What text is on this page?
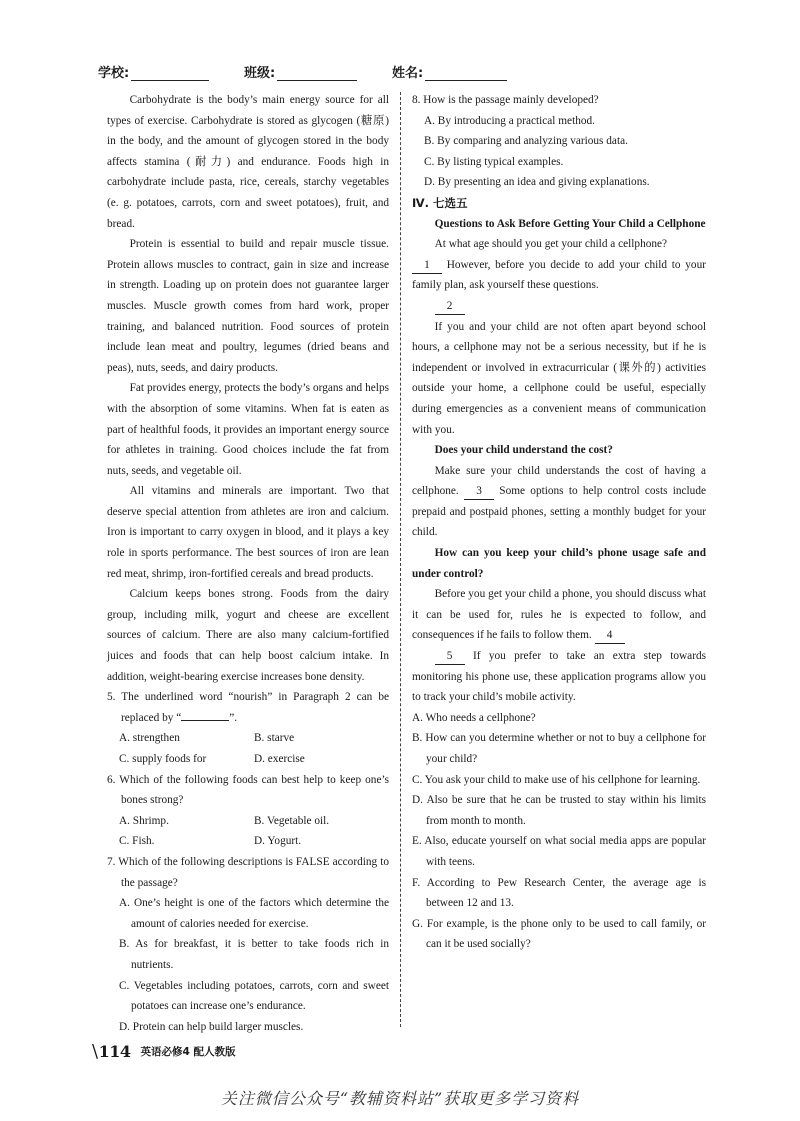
学校:	班级:	姓名:

Carbohydrate is the body’s main energy source for all types of exercise. Carbohydrate is stored as glycogen (糖原) in the body, and the amount of glycogen stored in the body affects stamina (耐力) and endurance. Foods high in carbohydrate include pasta, rice, cereals, starchy vegetables (e. g. potatoes, carrots, corn and sweet potatoes), fruit, and bread.

Protein is essential to build and repair muscle tissue. Protein allows muscles to contract, gain in size and increase in strength. Loading up on protein does not guarantee larger muscles. Muscle growth comes from hard work, proper training, and balanced nutrition. Food sources of protein include lean meat and poultry, legumes (dried beans and peas), nuts, seeds, and dairy products.

Fat provides energy, protects the body’s organs and helps with the absorption of some vitamins. When fat is eaten as part of healthful foods, it provides an important energy source for athletes in training. Good choices include the fat from nuts, seeds, and vegetable oil.

All vitamins and minerals are important. Two that deserve special attention from athletes are iron and calcium. Iron is important to carry oxygen in blood, and it plays a key role in sports performance. The best sources of iron are lean red meat, shrimp, iron-fortified cereals and bread products.

Calcium keeps bones strong. Foods from the dairy group, including milk, yogurt and cheese are excellent sources of calcium. There are also many calcium-fortified juices and foods that can help boost calcium intake. In addition, weight-bearing exercise increases bone density.

5. The underlined word “nourish” in Paragraph 2 can be replaced by “	”.
A. strengthen	B. starve
C. supply foods for	D. exercise
6. Which of the following foods can best help to keep one’s bones strong?
A. Shrimp.	B. Vegetable oil.
C. Fish.	D. Yogurt.
7. Which of the following descriptions is FALSE according to the passage?
A. One’s height is one of the factors which determine the amount of calories needed for exercise.
B. As for breakfast, it is better to take foods rich in nutrients.
C. Vegetables including potatoes, carrots, corn and sweet potatoes can increase one’s endurance.
D. Protein can help build larger muscles.
8. How is the passage mainly developed?
A. By introducing a practical method.
B. By comparing and analyzing various data.
C. By listing typical examples.
D. By presenting an idea and giving explanations.
Ⅳ. 七选五
Questions to Ask Before Getting Your Child a Cellphone

At what age should you get your child a cellphone?
1 However, before you decide to add your child to your family plan, ask yourself these questions.

2

If you and your child are not often apart beyond school hours, a cellphone may not be a serious necessity, but if he is independent or involved in extracurricular (课外的) activities outside your home, a cellphone could be useful, especially during emergencies as a convenient means of communication with you.

Does your child understand the cost?

Make sure your child understands the cost of having a cellphone. 3 Some options to help control costs include prepaid and postpaid phones, setting a monthly budget for your child.

How can you keep your child’s phone usage safe and under control?

Before you get your child a phone, you should discuss what it can be used for, rules he is expected to follow, and consequences if he fails to follow them. 4

5 If you prefer to take an extra step towards monitoring his phone use, these application programs allow you to track your child’s mobile activity.

A. Who needs a cellphone?
B. How can you determine whether or not to buy a cellphone for your child?
C. You ask your child to make use of his cellphone for learning.
D. Also be sure that he can be trusted to stay within his limits from month to month.
E. Also, educate yourself on what social media apps are popular with teens.
F. According to Pew Research Center, the average age is between 12 and 13.
G. For example, is the phone only to be used to call family, or can it be used socially?
\114 英语必修4 配人教版
关注微信公众号“教辅资料站”获取更多学习资料
